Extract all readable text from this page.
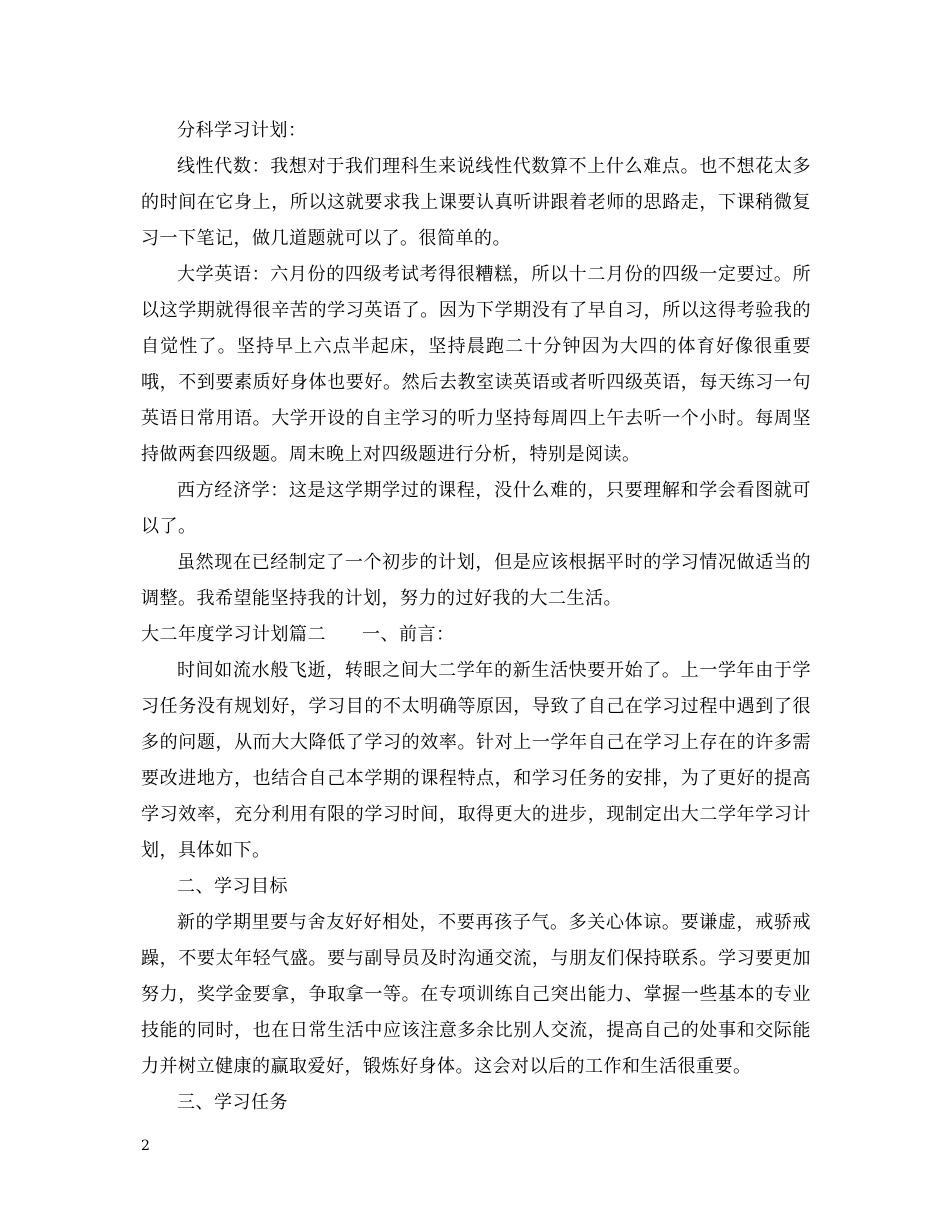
分科学习计划：

线性代数：我想对于我们理科生来说线性代数算不上什么难点。也不想花太多的时间在它身上，所以这就要求我上课要认真听讲跟着老师的思路走，下课稍微复习一下笔记，做几道题就可以了。很简单的。

大学英语：六月份的四级考试考得很糟糕，所以十二月份的四级一定要过。所以这学期就得很辛苦的学习英语了。因为下学期没有了早自习，所以这得考验我的自觉性了。坚持早上六点半起床，坚持晨跑二十分钟因为大四的体育好像很重要哦，不到要素质好身体也要好。然后去教室读英语或者听四级英语，每天练习一句英语日常用语。大学开设的自主学习的听力坚持每周四上午去听一个小时。每周坚持做两套四级题。周末晚上对四级题进行分析，特别是阅读。

西方经济学：这是这学期学过的课程，没什么难的，只要理解和学会看图就可以了。

虽然现在已经制定了一个初步的计划，但是应该根据平时的学习情况做适当的调整。我希望能坚持我的计划，努力的过好我的大二生活。

大二年度学习计划篇二 一、前言：

时间如流水般飞逝，转眼之间大二学年的新生活快要开始了。上一学年由于学习任务没有规划好，学习目的不太明确等原因，导致了自己在学习过程中遇到了很多的问题，从而大大降低了学习的效率。针对上一学年自己在学习上存在的许多需要改进地方，也结合自己本学期的课程特点，和学习任务的安排，为了更好的提高学习效率，充分利用有限的学习时间，取得更大的进步，现制定出大二学年学习计划，具体如下。

二、学习目标

新的学期里要与舍友好好相处，不要再孩子气。多关心体谅。要谦虚，戒骄戒躁，不要太年轻气盛。要与副导员及时沟通交流，与朋友们保持联系。学习要更加努力，奖学金要拿，争取拿一等。在专项训练自己突出能力、掌握一些基本的专业技能的同时，也在日常生活中应该注意多余比别人交流，提高自己的处事和交际能力并树立健康的赢取爱好，锻炼好身体。这会对以后的工作和生活很重要。

三、学习任务

2
